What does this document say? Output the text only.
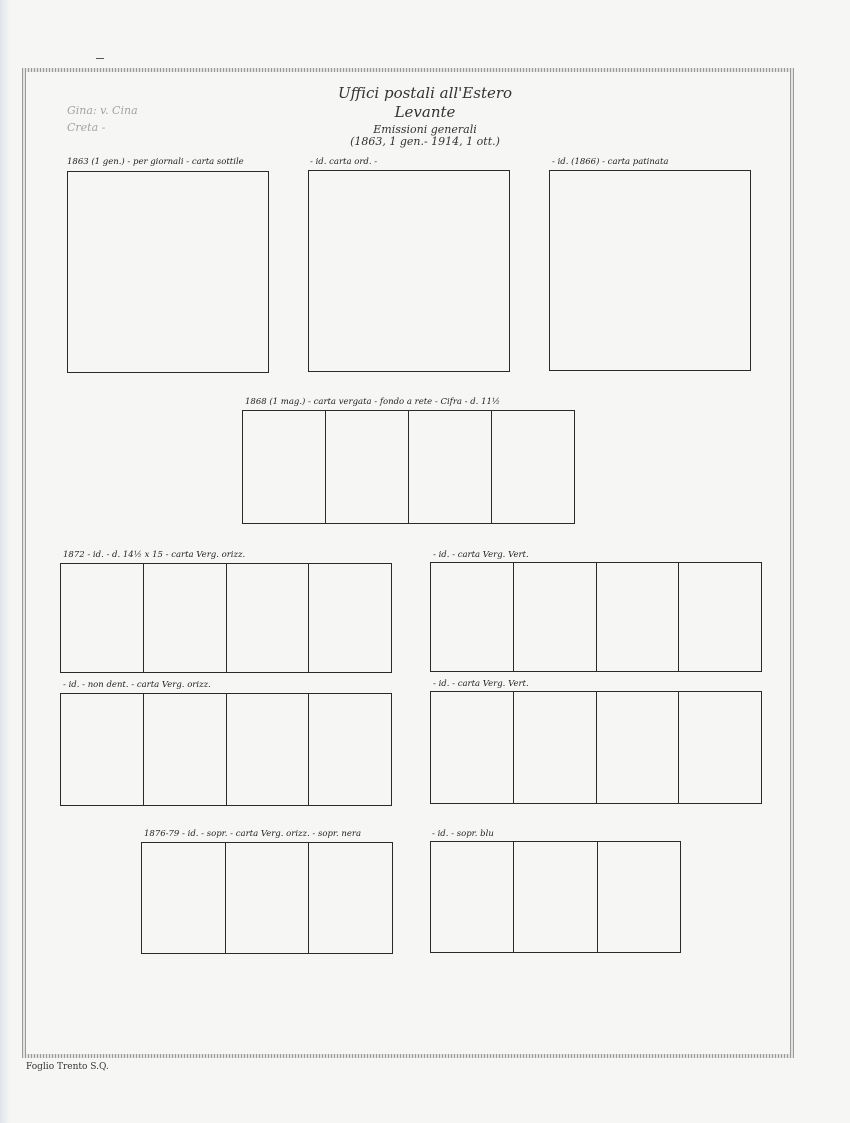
Gina: v. Cina
Creta -
Uffici postali all'Estero
Levante
Emissioni generali
(1863, 1 gen.- 1914, 1 ott.)
1863 (1 gen.) - per giornali - carta sottile	- id. carta ord. -	- id. (1866) - carta patinata
1868 (1 mag.) - carta vergata - fondo a rete - Cifra - d. 11½
1872 - id. - d. 14½ x 15 - carta Verg. orizz.	- id. - carta Verg. Vert.
- id. - non dent. - carta Verg. orizz.	- id. - carta Verg. Vert.
1876-79 - id. - sopr. - carta Verg. orizz. - sopr. nera	- id. - sopr. blu
Foglio Trento S.Q.
